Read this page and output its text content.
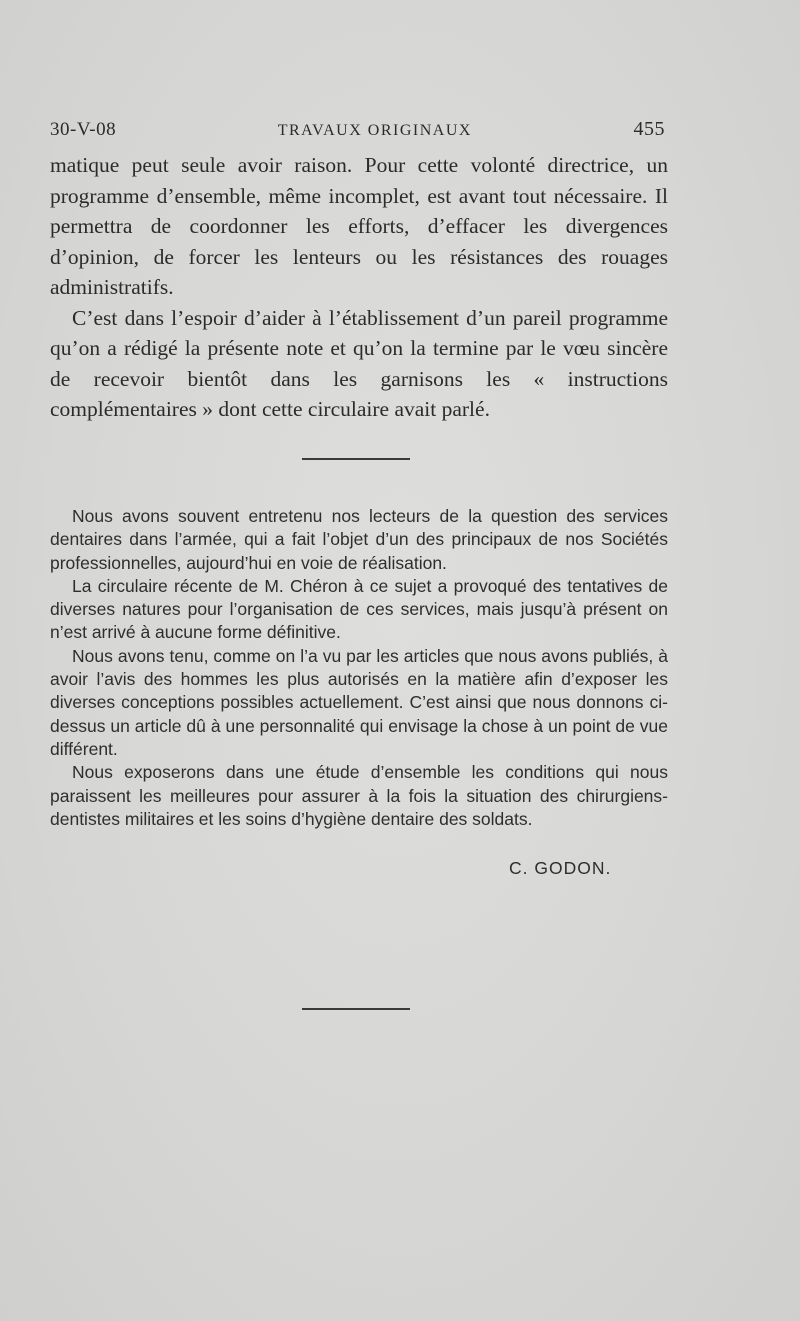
30-V-08	TRAVAUX ORIGINAUX	455

matique peut seule avoir raison. Pour cette volonté directrice, un programme d’ensemble, même incomplet, est avant tout nécessaire. Il permettra de coordonner les efforts, d’effacer les divergences d’opinion, de forcer les lenteurs ou les résistances des rouages administratifs.

C’est dans l’espoir d’aider à l’établissement d’un pareil programme qu’on a rédigé la présente note et qu’on la termine par le vœu sincère de recevoir bientôt dans les garnisons les « instructions complémentaires » dont cette circulaire avait parlé.

Nous avons souvent entretenu nos lecteurs de la question des services dentaires dans l’armée, qui a fait l’objet d’un des principaux de nos Sociétés professionnelles, aujourd’hui en voie de réalisation.

La circulaire récente de M. Chéron à ce sujet a provoqué des tentatives de diverses natures pour l’organisation de ces services, mais jusqu’à présent on n’est arrivé à aucune forme définitive.

Nous avons tenu, comme on l’a vu par les articles que nous avons publiés, à avoir l’avis des hommes les plus autorisés en la matière afin d’exposer les diverses conceptions possibles actuellement. C’est ainsi que nous donnons ci-dessus un article dû à une personnalité qui envisage la chose à un point de vue différent.

Nous exposerons dans une étude d’ensemble les conditions qui nous paraissent les meilleures pour assurer à la fois la situation des chirurgiens-dentistes militaires et les soins d’hygiène dentaire des soldats.

C. GODON.
